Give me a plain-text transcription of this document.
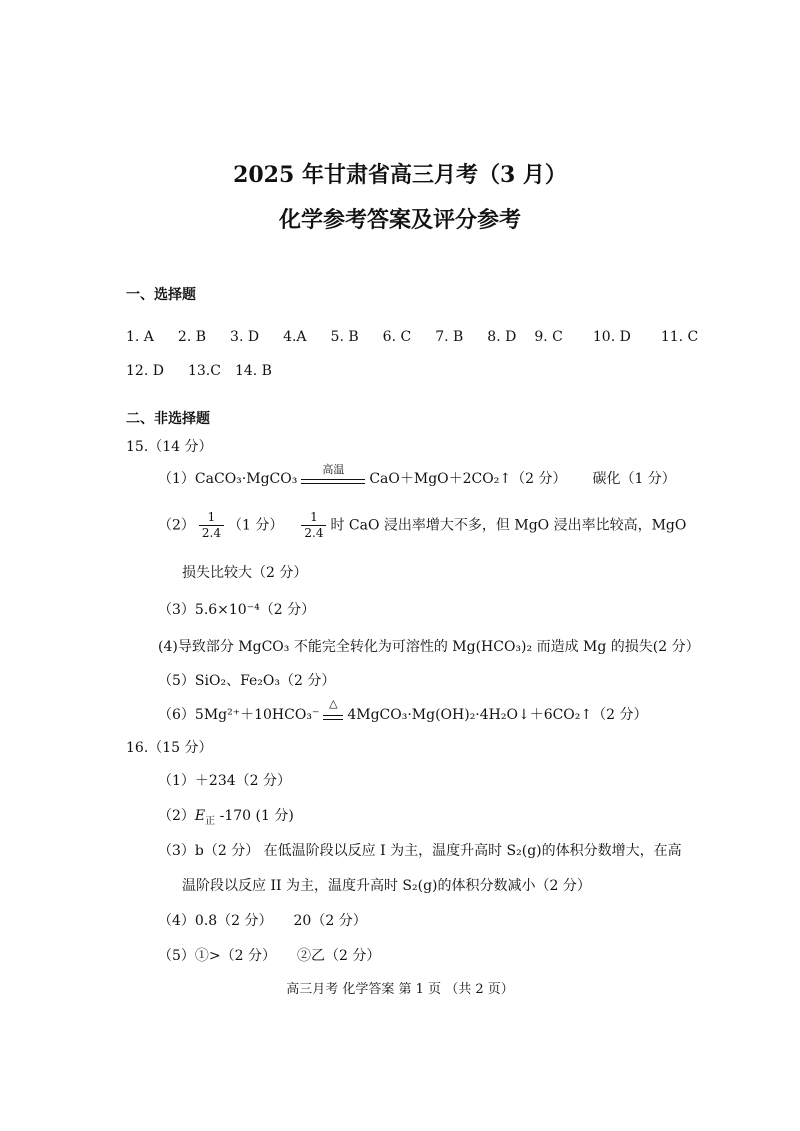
2025 年甘肃省高三月考（3 月）
化学参考答案及评分参考
一、选择题
1. A 2. B 3. D 4.A 5. B 6. C 7. B 8. D 9. C 10. D 11. C
12. D 13.C 14. B
二、非选择题
15.（14 分）
（1）CaCO₃·MgCO₃
高温
CaO＋MgO＋2CO₂↑（2 分） 碳化（1 分）
$(2) \frac{1}{2.4} (1$ 分） $\frac{1}{2.4}$ 时 CaO 浸出率增大不多，但 MgO 浸出率比较高，MgO
损失比较大（2 分）
（3）5.6×10⁻⁴（2 分）
(4)导致部分 MgCO₃ 不能完全转化为可溶性的 Mg(HCO₃)₂ 而造成 Mg 的损失(2 分）
（5）SiO₂、Fe₂O₃（2 分）
（6）5Mg²⁺＋10HCO₃⁻
△
4MgCO₃·Mg(OH)₂·4H₂O↓＋6CO₂↑（2 分）
16.（15 分）
（1）＋234（2 分）
$(2)E_正$ -170 (1 分)
（3）b（2 分） 在低温阶段以反应 I 为主，温度升高时 S₂(g)的体积分数增大，在高
温阶段以反应 II 为主，温度升高时 S₂(g)的体积分数减小（2 分）
（4）0.8（2 分）　　20（2 分）
（5）①>（2 分）　　②乙（2 分）
高三月考 化学答案 第 1 页 （共 2 页）
